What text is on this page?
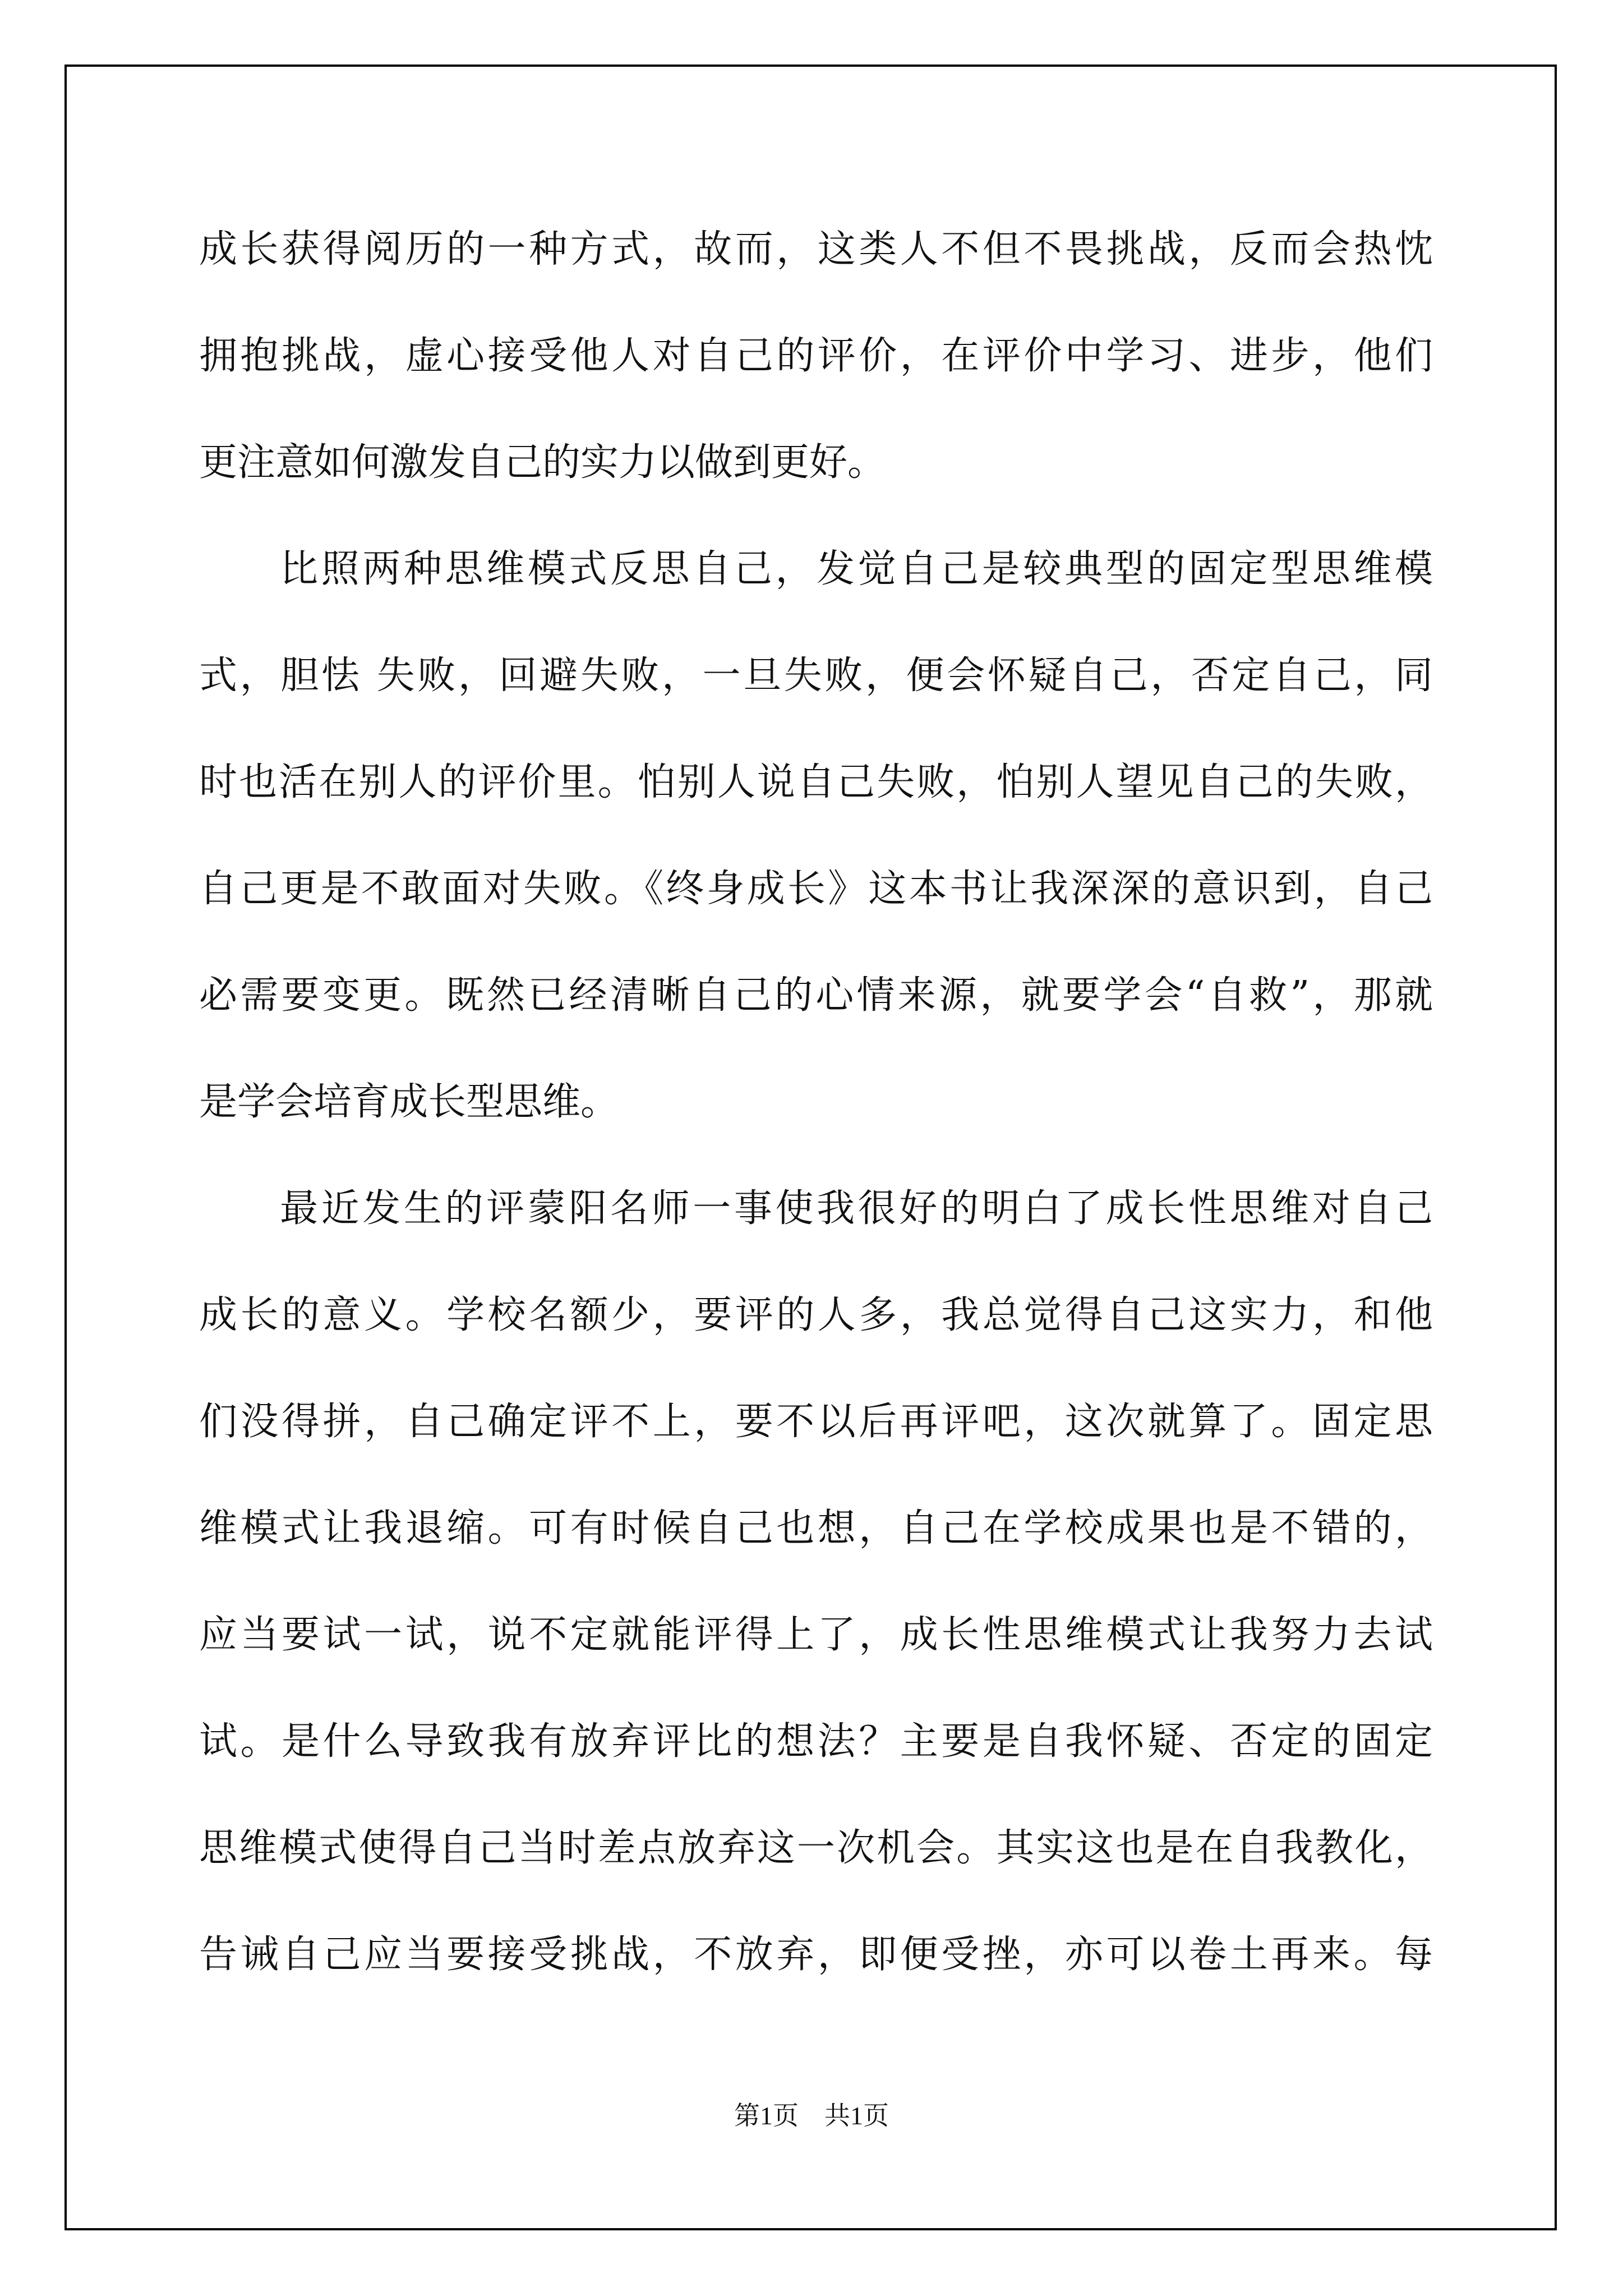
成长获得阅历的一种方式，故而，这类人不但不畏挑战，反而会热忱
拥抱挑战，虚心接受他人对自己的评价，在评价中学习、进步，他们
更注意如何激发自己的实力以做到更好。
比照两种思维模式反思自己，发觉自己是较典型的固定型思维模
式，胆怯 失败，回避失败，一旦失败，便会怀疑自己，否定自己，同
时也活在别人的评价里。怕别人说自己失败，怕别人望见自己的失败，
自己更是不敢面对失败。《终身成长》这本书让我深深的意识到，自己
必需要变更。既然已经清晰自己的心情来源，就要学会“自救”，那就
是学会培育成长型思维。
最近发生的评蒙阳名师一事使我很好的明白了成长性思维对自己
成长的意义。学校名额少，要评的人多，我总觉得自己这实力，和他
们没得拼，自己确定评不上，要不以后再评吧，这次就算了。固定思
维模式让我退缩。可有时候自己也想，自己在学校成果也是不错的，
应当要试一试，说不定就能评得上了，成长性思维模式让我努力去试
试。是什么导致我有放弃评比的想法？主要是自我怀疑、否定的固定
思维模式使得自己当时差点放弃这一次机会。其实这也是在自我教化，
告诫自己应当要接受挑战，不放弃，即便受挫，亦可以卷土再来。每
第1页　共1页
